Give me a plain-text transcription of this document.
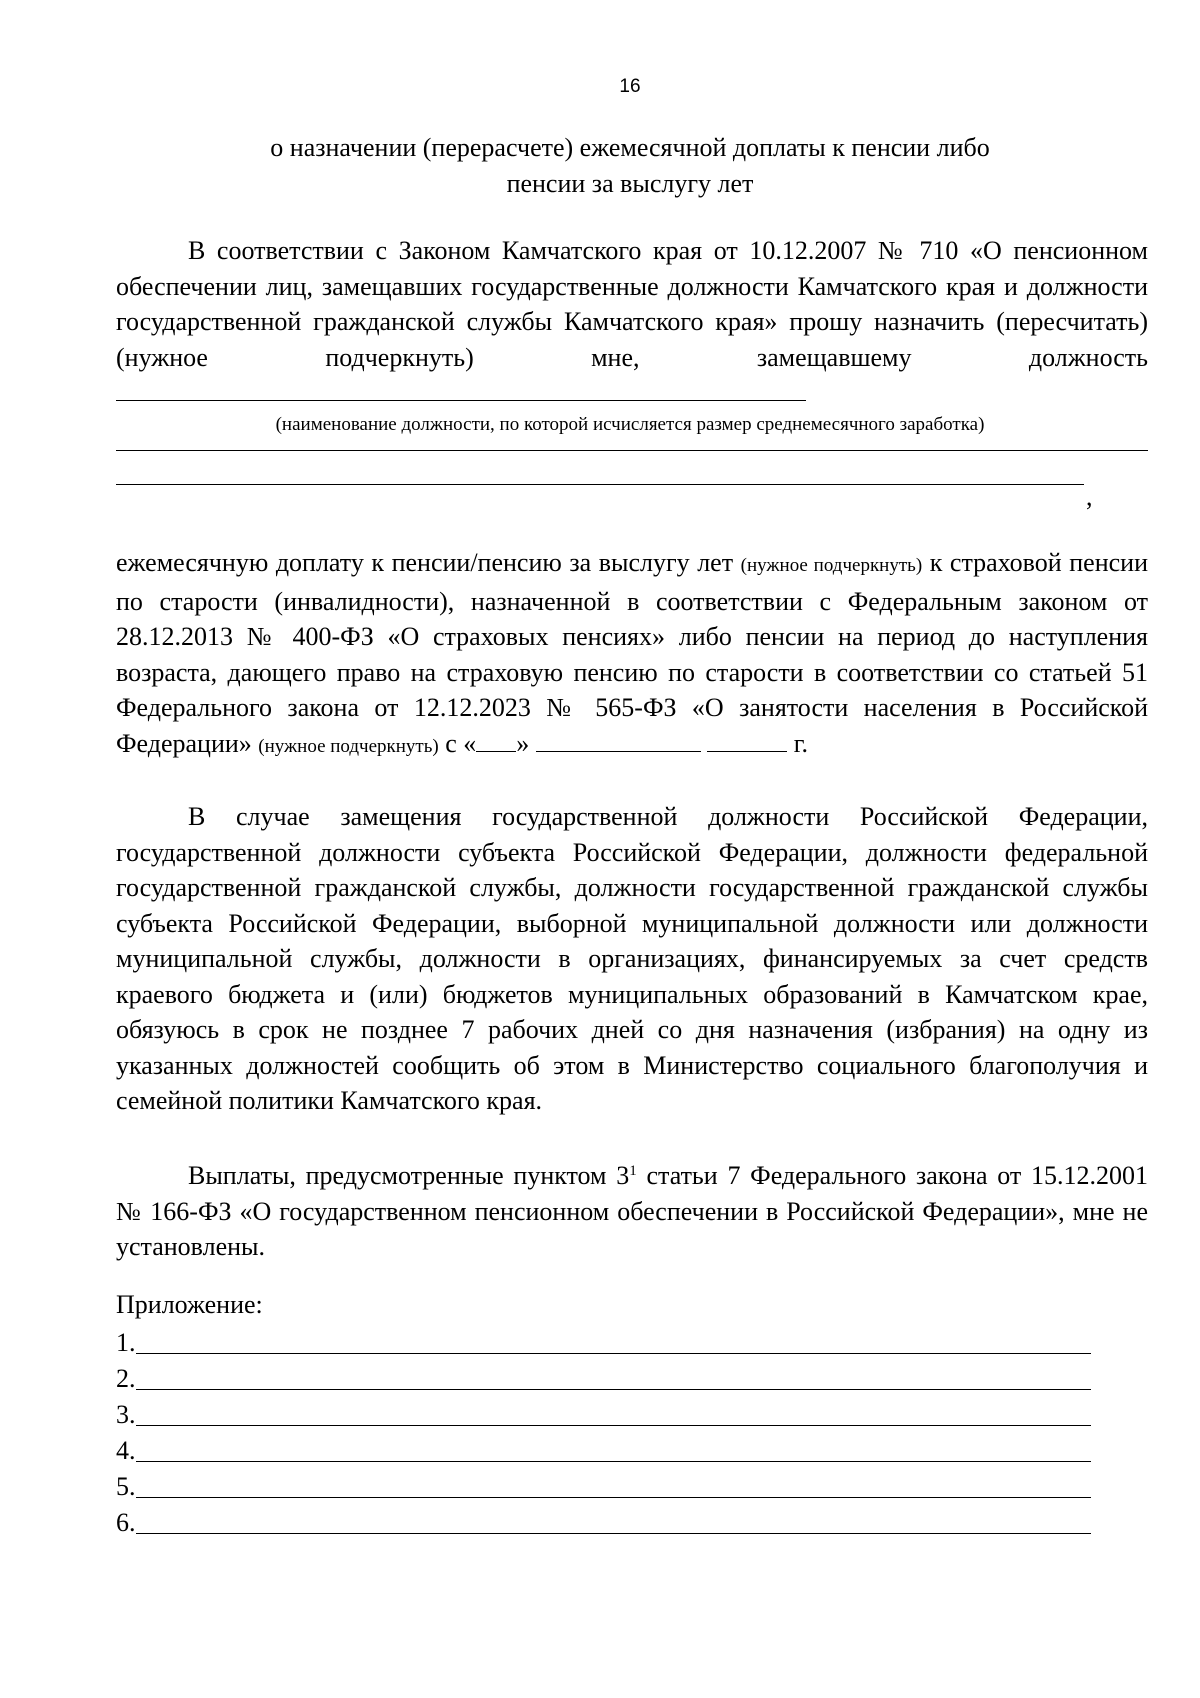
16
о назначении (перерасчете) ежемесячной доплаты к пенсии либо
пенсии за выслугу лет
В соответствии с Законом Камчатского края от 10.12.2007 № 710 «О пенсионном обеспечении лиц, замещавших государственные должности Камчатского края и должности государственной гражданской службы Камчатского края» прошу назначить (пересчитать) (нужное подчеркнуть) мне, замещавшему должность
(наименование должности, по которой исчисляется размер среднемесячного заработка)
,
ежемесячную доплату к пенсии/пенсию за выслугу лет (нужное подчеркнуть) к страховой пенсии по старости (инвалидности), назначенной в соответствии с Федеральным законом от 28.12.2013 № 400-ФЗ «О страховых пенсиях» либо пенсии на период до наступления возраста, дающего право на страховую пенсию по старости в соответствии со статьей 51 Федерального закона от 12.12.2023 № 565-ФЗ «О занятости населения в Российской Федерации» (нужное подчеркнуть) с « »	г.
В случае замещения государственной должности Российской Федерации, государственной должности субъекта Российской Федерации, должности федеральной государственной гражданской службы, должности государственной гражданской службы субъекта Российской Федерации, выборной муниципальной должности или должности муниципальной службы, должности в организациях, финансируемых за счет средств краевого бюджета и (или) бюджетов муниципальных образований в Камчатском крае, обязуюсь в срок не позднее 7 рабочих дней со дня назначения (избрания) на одну из указанных должностей сообщить об этом в Министерство социального благополучия и семейной политики Камчатского края.
Выплаты, предусмотренные пунктом $3^1$ статьи 7 Федерального закона от 15.12.2001 № 166-ФЗ «О государственном пенсионном обеспечении в Российской Федерации», мне не установлены.
Приложение:
1.
2.
3.
4.
5.
6.
